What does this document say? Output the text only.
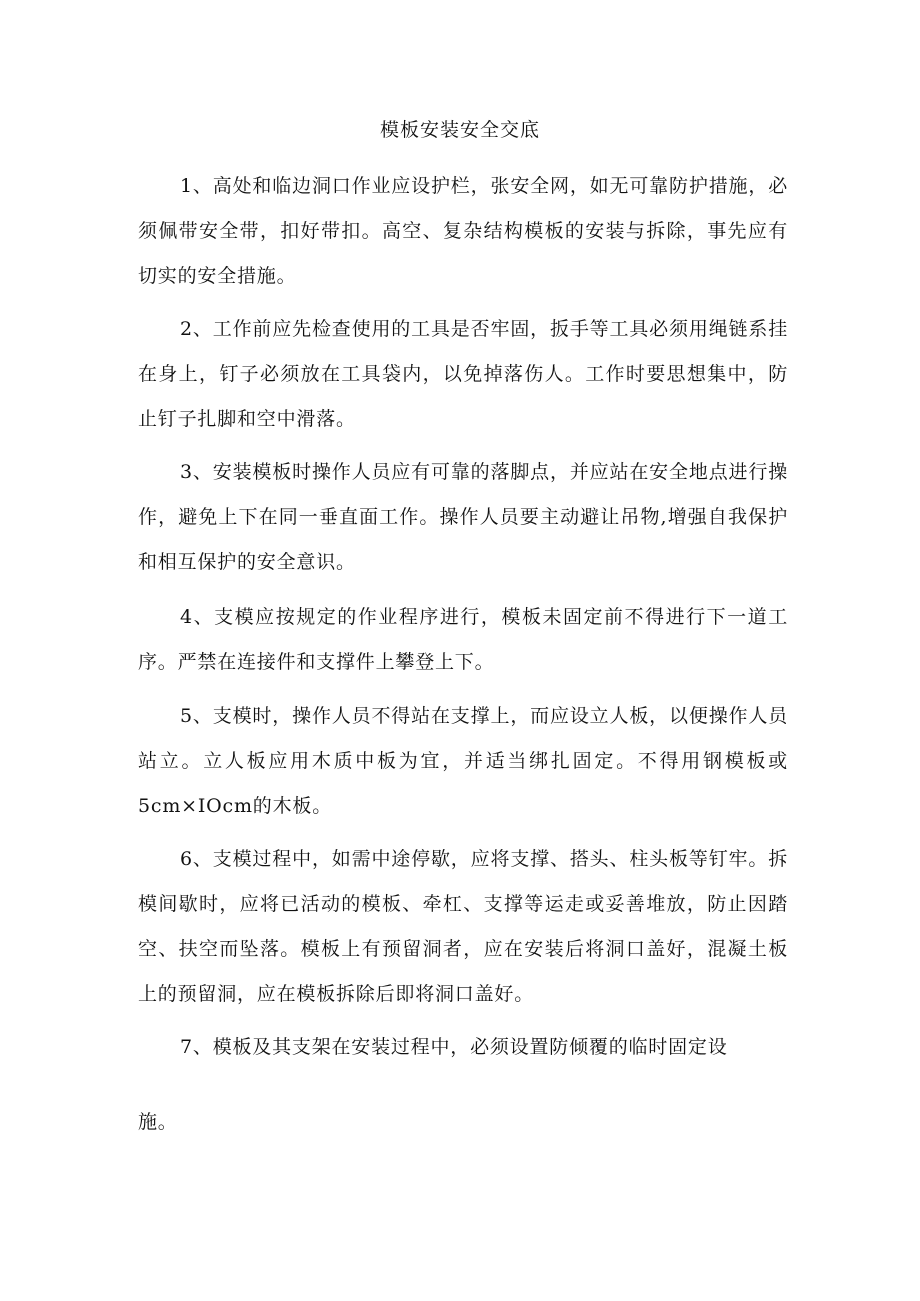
模板安装安全交底
1、高处和临边洞口作业应设护栏，张安全网，如无可靠防护措施，必须佩带安全带，扣好带扣。高空、复杂结构模板的安装与拆除，事先应有切实的安全措施。
2、工作前应先检查使用的工具是否牢固，扳手等工具必须用绳链系挂在身上，钉子必须放在工具袋内，以免掉落伤人。工作时要思想集中，防止钉子扎脚和空中滑落。
3、安装模板时操作人员应有可靠的落脚点，并应站在安全地点进行操作，避免上下在同一垂直面工作。操作人员要主动避让吊物,增强自我保护和相互保护的安全意识。
4、支模应按规定的作业程序进行，模板未固定前不得进行下一道工序。严禁在连接件和支撑件上攀登上下。
5、支模时，操作人员不得站在支撑上，而应设立人板，以便操作人员站立。立人板应用木质中板为宜，并适当绑扎固定。不得用钢模板或5cm×IOcm的木板。
6、支模过程中，如需中途停歇，应将支撑、搭头、柱头板等钉牢。拆模间歇时，应将已活动的模板、牵杠、支撑等运走或妥善堆放，防止因踏空、扶空而坠落。模板上有预留洞者，应在安装后将洞口盖好，混凝土板上的预留洞，应在模板拆除后即将洞口盖好。
7、模板及其支架在安装过程中，必须设置防倾覆的临时固定设
施。
